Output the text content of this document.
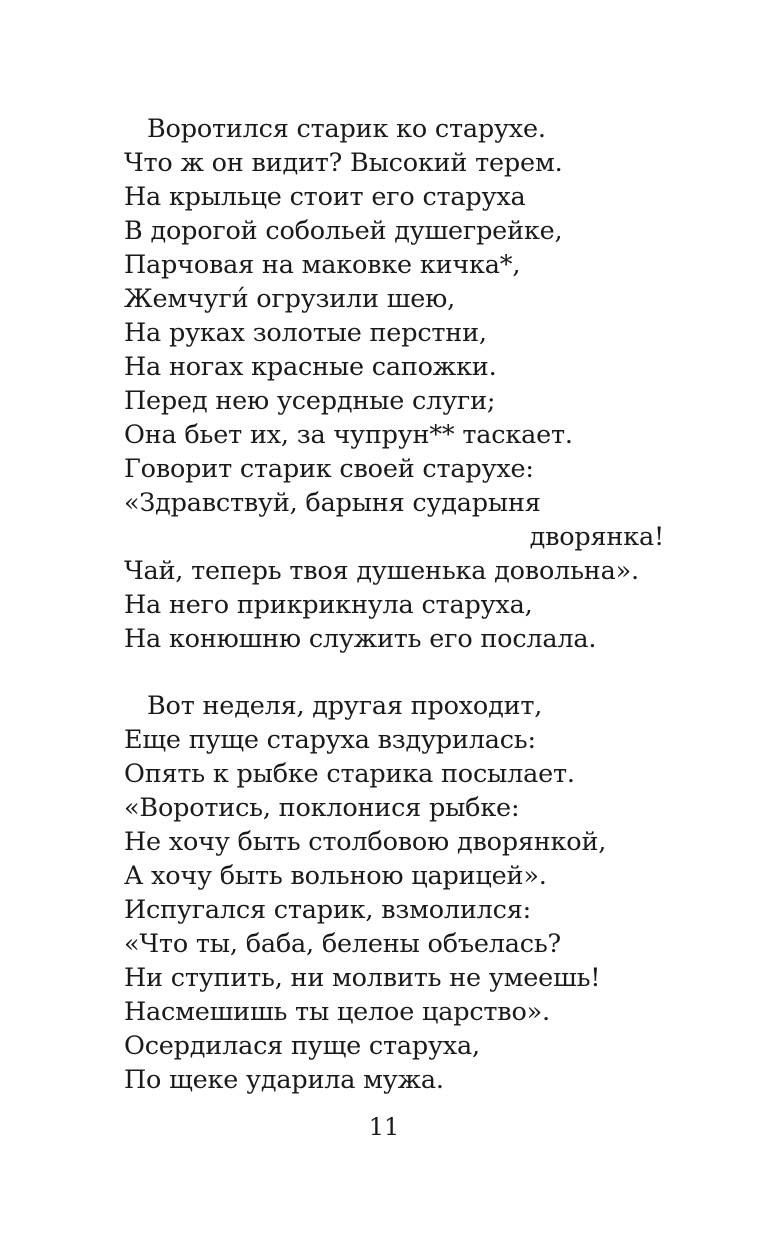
Воротился старик ко старухе.
Что ж он видит? Высокий терем.
На крыльце стоит его старуха
В дорогой собольей душегрейке,
Парчовая на маковке кичка*,
Жемчуги́ огрузили шею,
На руках золотые перстни,
На ногах красные сапожки.
Перед нею усердные слуги;
Она бьет их, за чупрун** таскает.
Говорит старик своей старухе:
«Здравствуй, барыня сударыня
дворянка!
Чай, теперь твоя душенька довольна».
На него прикрикнула старуха,
На конюшню служить его послала.
Вот неделя, другая проходит,
Еще пуще старуха вздурилась:
Опять к рыбке старика посылает.
«Воротись, поклонися рыбке:
Не хочу быть столбовою дворянкой,
А хочу быть вольною царицей».
Испугался старик, взмолился:
«Что ты, баба, белены объелась?
Ни ступить, ни молвить не умеешь!
Насмешишь ты целое царство».
Осердилася пуще старуха,
По щеке ударила мужа.
11
